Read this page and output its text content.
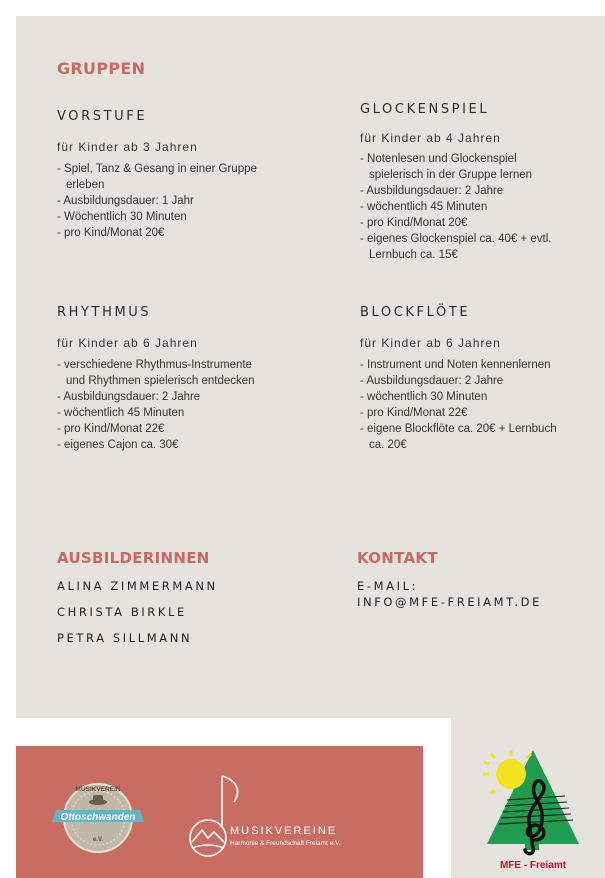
GRUPPEN
VORSTUFE

für Kinder ab 3 Jahren

- Spiel, Tanz & Gesang in einer Gruppe erleben
- Ausbildungsdauer: 1 Jahr
- Wöchentlich 30 Minuten
- pro Kind/Monat 20€
GLOCKENSPIEL

für Kinder ab 4 Jahren

- Notenlesen und Glockenspiel spielerisch in der Gruppe lernen
- Ausbildungsdauer: 2 Jahre
- wöchentlich 45 Minuten
- pro Kind/Monat 20€
- eigenes Glockenspiel ca. 40€ + evtl. Lernbuch ca. 15€
RHYTHMUS

für Kinder ab 6 Jahren

- verschiedene Rhythmus-Instrumente und Rhythmen spielerisch entdecken
- Ausbildungsdauer: 2 Jahre
- wöchentlich 45 Minuten
- pro Kind/Monat 22€
- eigenes Cajon ca. 30€
BLOCKFLÖTE

für Kinder ab 6 Jahren

- Instrument und Noten kennenlernen
- Ausbildungsdauer: 2 Jahre
- wöchentlich 30 Minuten
- pro Kind/Monat 22€
- eigene Blockflöte ca. 20€ + Lernbuch ca. 20€
AUSBILDERINNEN

ALINA ZIMMERMANN

CHRISTA BIRKLE

PETRA SILLMANN

KONTAKT

E-MAIL:

INFO@MFE-FREIAMT.DE

MUSIKVEREIN
Ottoschwanden
e.V.
MUSIKVEREINE
Harmonie & Freundschaft Freiamt e.V.
MFE - Freiamt
